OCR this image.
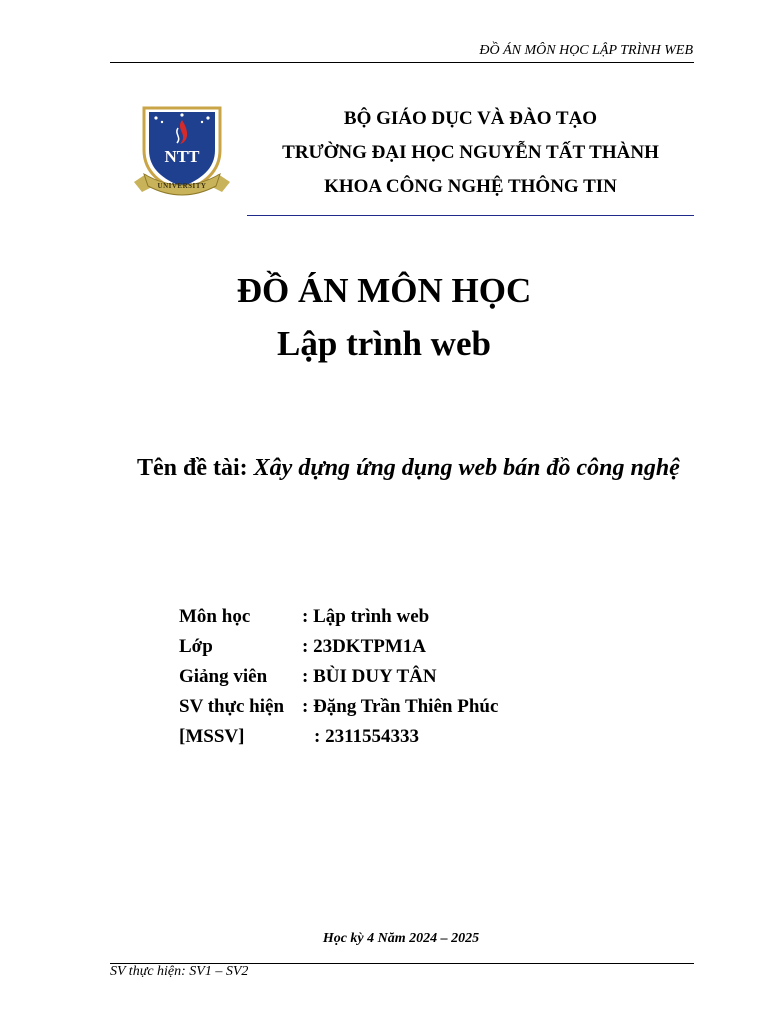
ĐỒ ÁN MÔN HỌC LẬP TRÌNH WEB
NTT
UNIVERSITY
BỘ GIÁO DỤC VÀ ĐÀO TẠO
TRƯỜNG ĐẠI HỌC NGUYỄN TẤT THÀNH
KHOA CÔNG NGHỆ THÔNG TIN
ĐỒ ÁN MÔN HỌC
Lập trình web
Tên đề tài: Xây dựng ứng dụng web bán đồ công nghệ
Môn học	: Lập trình web
Lớp	: 23DKTPM1A
Giảng viên	: BÙI DUY TÂN
SV thực hiện : Đặng Trần Thiên Phúc
[MSSV]	: 2311554333
Học kỳ 4 Năm 2024 – 2025
SV thực hiện: SV1 – SV2
